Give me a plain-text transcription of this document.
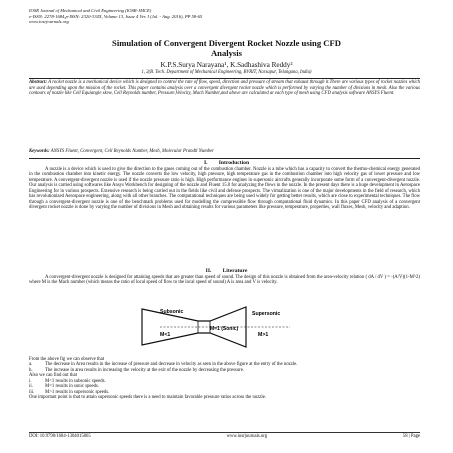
IOSR Journal of Mechanical and Civil Engineering (IOSR-JMCE)
e-ISSN: 2278-1684,p-ISSN: 2320-334X, Volume 13, Issue 4 Ver. I (Jul. - Aug. 2016), PP 58-65
www.iosrjournals.org
Simulation of Convergent Divergent Rocket Nozzle using CFD
Analysis
K.P.S.Surya Narayana¹, K.Sadhashiva Reddy²
1, 2(B. Tech. Department of Mechanical Engineering, BVRIT, Narsapur, Telangana, India)
Abstract: A rocket nozzle is a mechanical device which is designed to control the rate of flow, speed, direction and pressure of stream that exhaust through it.There are various types of rocket nozzles which are used depending upon the mission of the rocket. This paper contains analysis over a convergent divergent rocket nozzle which is performed by varying the number of divisions in mesh. Also the various contours of nozzle like Cell Equiangle skew, Cell Reynolds number, Pressure,Velocity, Mach Number,and above are calculated at each type of mesh using CFD analysis software ANSYS Fluent.
Keywords: ANSYS Fluent, Convergent, Cell Reynolds Number, Mesh, Molecular Prandtl Number
I.        Introduction
A nozzle is a device which is used to give the direction to the gases coming out of the combustion chamber. Nozzle is a tube which has a capacity to convert the thermo-chemical energy generated in the combustion chamber into kinetic energy. The nozzle converts the low velocity, high pressure, high temperature gas in the combustion chamber into high velocity gas of lower pressure and low temperature. A convergent-divergent nozzle is used if the nozzle pressure ratio is high. High performance engines in supersonic aircrafts generally incorporate some form of a convergent-divergent nozzle. Our analysis is carried using softwares like Ansys Workbench for designing of the nozzle and Fluent 15.0 for analyzing the flows in the nozzle. In the present days there is a huge development in Aerospace Engineering for in various prospects. Extensive research is being carried out in the fields like civil and defense prospects. The virtualization is one of the major developments in the field of research, which has revolutionized Aerospace engineering, along with all other branches. The computational techniques are being used widely for getting better results, which are close to experimental techniques. The flow through a convergent-divergent nozzle is one of the benchmark problems used for modelling the compressible flow through computational fluid dynamics. In this paper CFD analysis of a convergent divergent rocket nozzle is done by varying the number of divisions in Mesh and obtaining results for various parameters like pressure, temperature, properties, wall fluxes, Mesh, velocity and adaption.
II.        Literature
A convergent-divergent nozzle is designed for attaining speeds that are greater than speed of sound. The design of this nozzle is obtained from the area-velocity relation ( dA / dV ) = -(A/V)(1-M^2) where M is the Mach number (which means the ratio of local speed of flow to the local speed of sound) A is area and V is velocity.
Subsonic
M<1
M=1 (Sonic)
Supersonic
M>1
From the above fig we can observe that
a.	The decrease in Area results in the increase of pressure and decrease in velocity as seen in the above figure at the entry of the nozzle.
b.	The increase in area results in increasing the velocity at the exit of the nozzle by decreasing the pressure.
Also we can find out that
i.	M<1 results in subsonic speeds.
ii.	M=1 results in sonic speeds.
iii.	M>1 results in supersonic speeds.
One important point is that to attain supersonic speeds there is a need to maintain favorable pressure ratios across the nozzle.
DOI: 10.9790/1684-1304015865	www.iosrjournals.org	58 | Page
